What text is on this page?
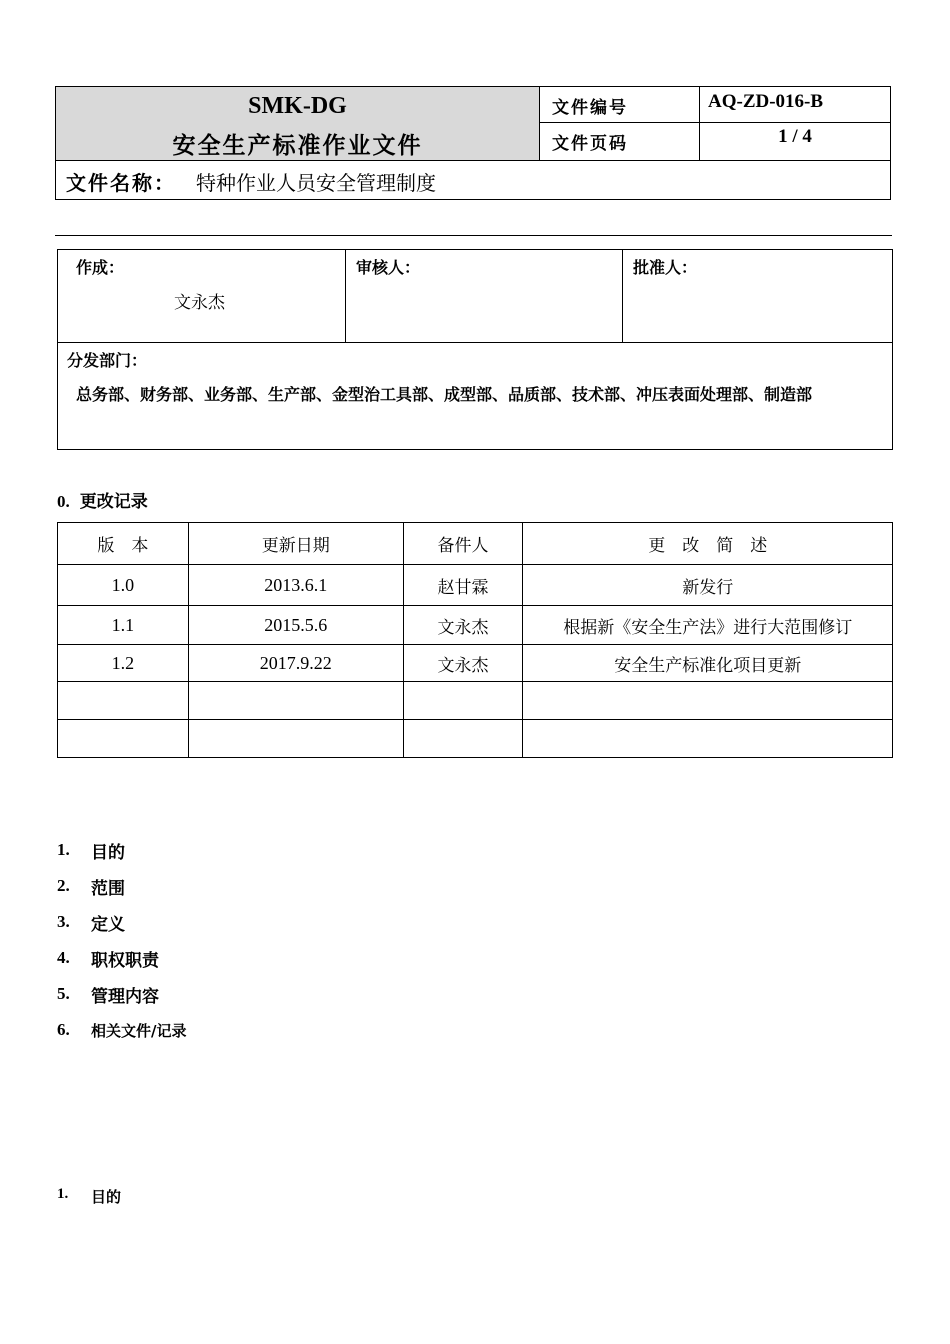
SMK-DG
安全生产标准作业文件
文件编号	AQ-ZD-016-B
文件页码	1 / 4
文件名称： 特种作业人员安全管理制度
作成：
文永杰
审核人：	批准人：
分发部门：
总务部、财务部、业务部、生产部、金型治工具部、成型部、品质部、技术部、冲压表面处理部、制造部
0. 更改记录
版　本	更新日期	备件人	更　改　简　述
1.0	2013.6.1	赵甘霖	新发行
1.1	2015.5.6	文永杰	根据新《安全生产法》进行大范围修订
1.2	2017.9.22	文永杰	安全生产标准化项目更新

1.	目的
2.	范围
3.	定义
4.	职权职责
5.	管理内容
6.	相关文件/记录
1.	目的
